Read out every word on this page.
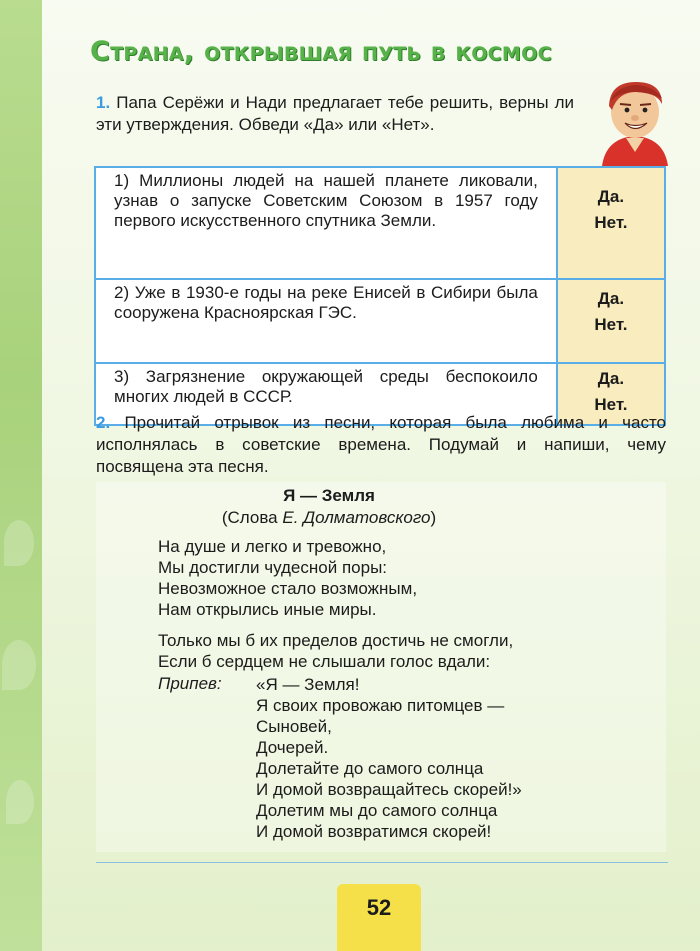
Страна, открывшая путь в космос
1. Папа Серёжи и Нади предлагает тебе решить, верны ли эти утверждения. Обведи «Да» или «Нет».
1) Миллионы людей на нашей планете ликовали, узнав о запуске Советским Союзом в 1957 году первого искусственного спутника Земли.	Да.
Нет.

2) Уже в 1930-е годы на реке Енисей в Сибири была сооружена Красноярская ГЭС.	Да.
Нет.

3) Загрязнение окружающей среды беспокоило многих людей в СССР.	Да.
Нет.
2. Прочитай отрывок из песни, которая была любима и часто исполнялась в советские времена. Подумай и напиши, чему посвящена эта песня.
Я — Земля
(Слова Е. Долматовского)
На душе и легко и тревожно,
Мы достигли чудесной поры:
Невозможное стало возможным,
Нам открылись иные миры.
Только мы б их пределов достичь не смогли,
Если б сердцем не слышали голос вдали:
Припев: «Я — Земля!
Я своих провожаю питомцев —
Сыновей,
Дочерей.
Долетайте до самого солнца
И домой возвращайтесь скорей!»
Долетим мы до самого солнца
И домой возвратимся скорей!
52
